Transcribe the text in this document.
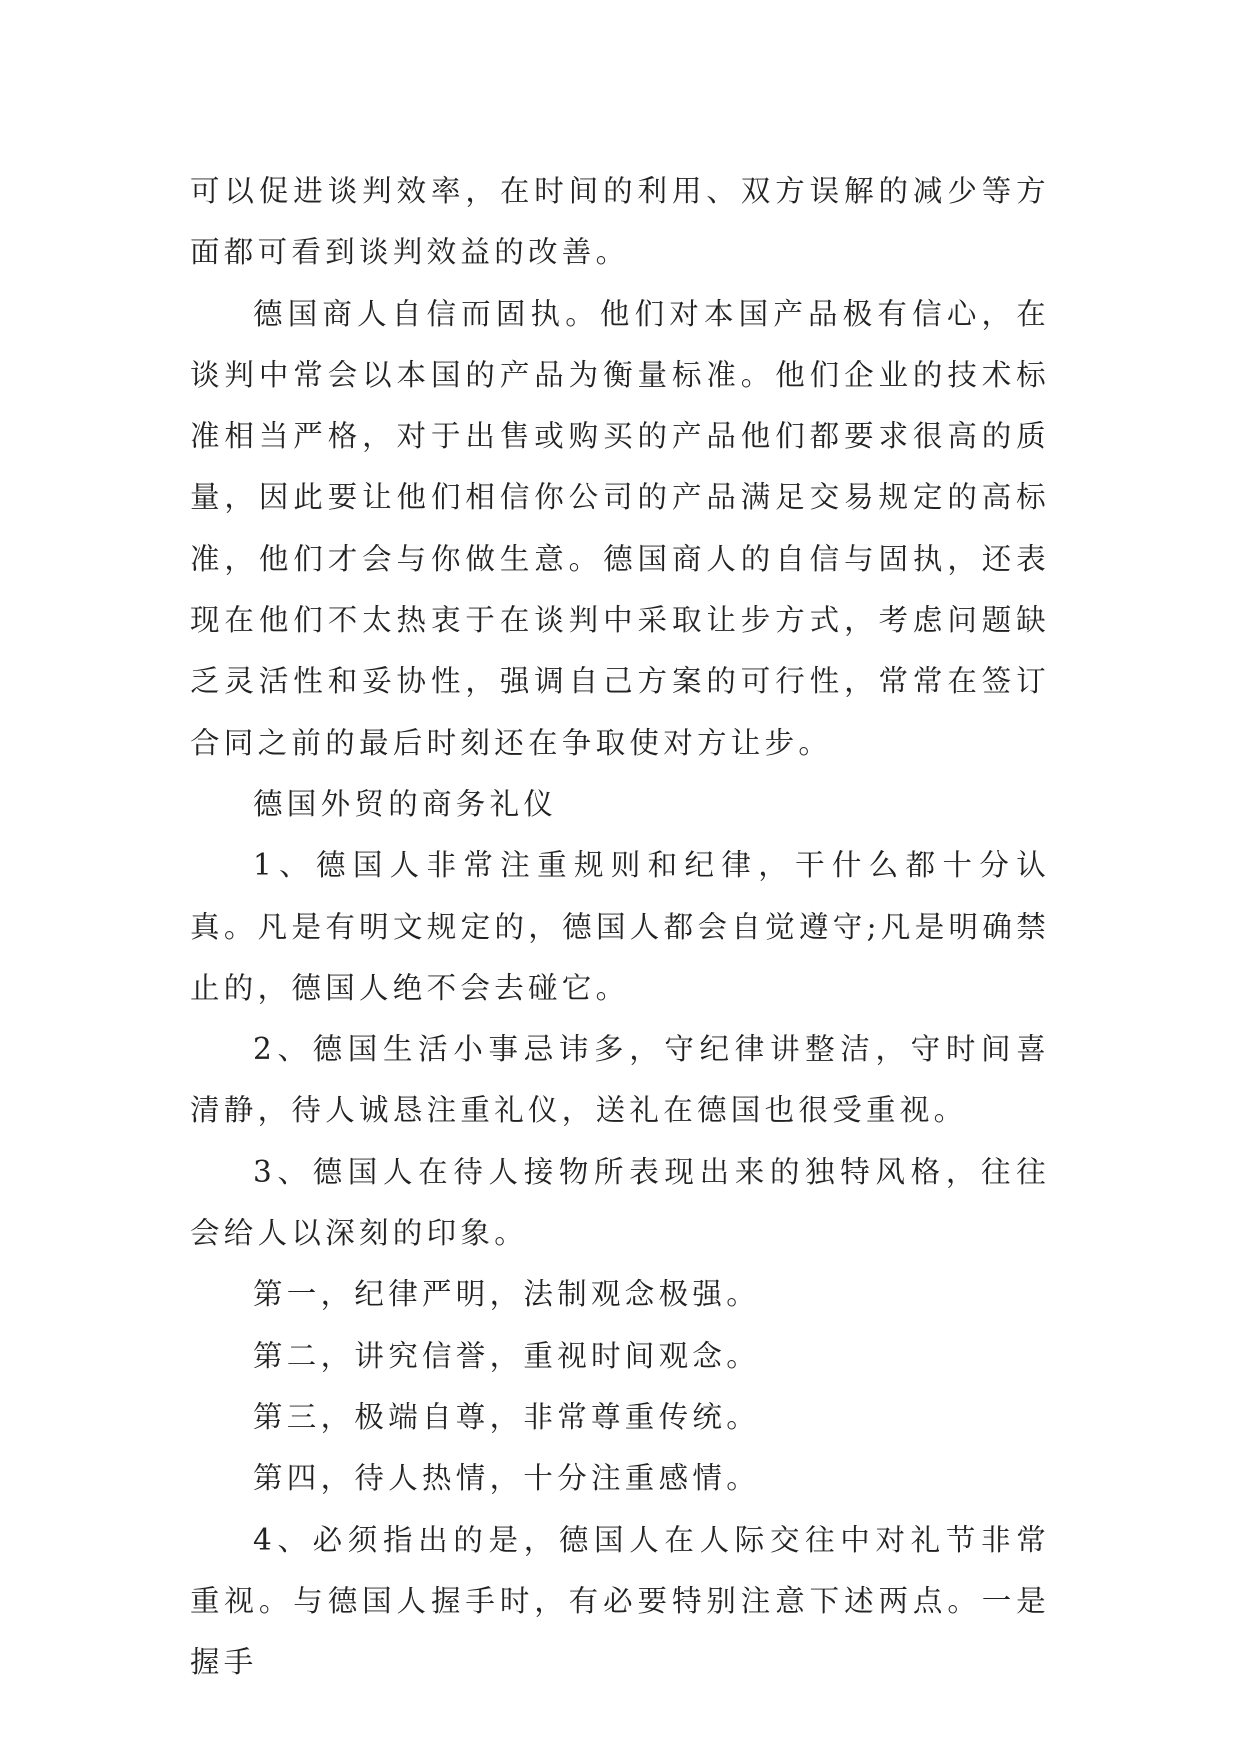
可以促进谈判效率，在时间的利用、双方误解的减少等方面都可看到谈判效益的改善。

德国商人自信而固执。他们对本国产品极有信心，在谈判中常会以本国的产品为衡量标准。他们企业的技术标准相当严格，对于出售或购买的产品他们都要求很高的质量，因此要让他们相信你公司的产品满足交易规定的高标准，他们才会与你做生意。德国商人的自信与固执，还表现在他们不太热衷于在谈判中采取让步方式，考虑问题缺乏灵活性和妥协性，强调自己方案的可行性，常常在签订合同之前的最后时刻还在争取使对方让步。

德国外贸的商务礼仪

1、德国人非常注重规则和纪律，干什么都十分认真。凡是有明文规定的，德国人都会自觉遵守;凡是明确禁止的，德国人绝不会去碰它。

2、德国生活小事忌讳多，守纪律讲整洁，守时间喜清静，待人诚恳注重礼仪，送礼在德国也很受重视。

3、德国人在待人接物所表现出来的独特风格，往往会给人以深刻的印象。

第一，纪律严明，法制观念极强。

第二，讲究信誉，重视时间观念。

第三，极端自尊，非常尊重传统。

第四，待人热情，十分注重感情。

4、必须指出的是，德国人在人际交往中对礼节非常重视。与德国人握手时，有必要特别注意下述两点。一是握手
